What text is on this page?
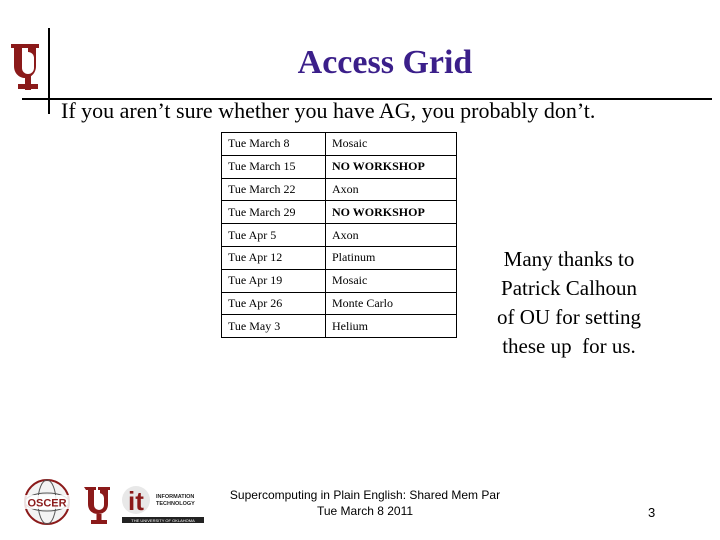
Access Grid
If you aren’t sure whether you have AG, you probably don’t.
Tue March 8	Mosaic
Tue March 15	NO WORKSHOP
Tue March 22	Axon
Tue March 29	NO WORKSHOP
Tue Apr 5	Axon
Tue Apr 12	Platinum
Tue Apr 19	Mosaic
Tue Apr 26	Monte Carlo
Tue May 3	Helium
Many thanks to
Patrick Calhoun
of OU for setting
these up  for us.
OSCER it INFORMATION
TECHNOLOGY
THE UNIVERSITY OF OKLAHOMA
Supercomputing in Plain English: Shared Mem Par
Tue March 8 2011	3
